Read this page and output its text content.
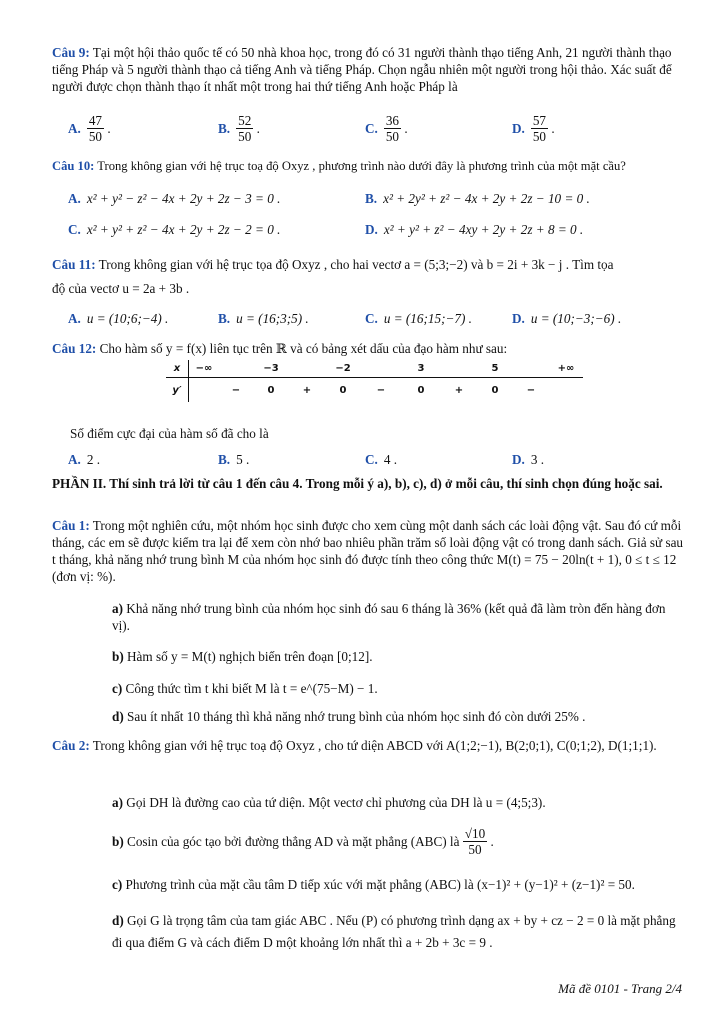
Câu 9: Tại một hội thảo quốc tế có 50 nhà khoa học, trong đó có 31 người thành thạo tiếng Anh, 21 người thành thạo tiếng Pháp và 5 người thành thạo cả tiếng Anh và tiếng Pháp. Chọn ngẫu nhiên một người trong hội thảo. Xác suất để người được chọn thành thạo ít nhất một trong hai thứ tiếng Anh hoặc Pháp là
A. $\frac{47}{50}$ .	B. $\frac{52}{50}$ .	C. $\frac{36}{50}$ .	D. $\frac{57}{50}$ .
Câu 10: Trong không gian với hệ trục toạ độ Oxyz , phương trình nào dưới đây là phương trình của một mặt cầu?
A. x² + y² − z² − 4x + 2y + 2z − 3 = 0 .	B. x² + 2y² + z² − 4x + 2y + 2z − 10 = 0 .
C. x² + y² + z² − 4x + 2y + 2z − 2 = 0 .	D. x² + y² + z² − 4xy + 2y + 2z + 8 = 0 .
Câu 11: Trong không gian với hệ trục tọa độ Oxyz , cho hai vectơ a = (5;3;−2) và b = 2i + 3k − j . Tìm tọa
độ của vectơ u = 2a + 3b .
A. u = (10;6;−4) .	B. u = (16;3;5) .	C. u = (16;15;−7) .	D. u = (10;−3;−6) .
Câu 12: Cho hàm số y = f(x) liên tục trên ℝ và có bảng xét dấu của đạo hàm như sau:
x	−∞		−3		−2		3		5		+∞
y′		−	0	+	0	−	0	+	0	−	
Số điểm cực đại của hàm số đã cho là
A. 2 .	B. 5 .	C. 4 .	D. 3 .
PHẦN II. Thí sinh trả lời từ câu 1 đến câu 4. Trong mỗi ý a), b), c), d) ở mỗi câu, thí sinh chọn đúng hoặc sai.
Câu 1: Trong một nghiên cứu, một nhóm học sinh được cho xem cùng một danh sách các loài động vật. Sau đó cứ mỗi tháng, các em sẽ được kiểm tra lại để xem còn nhớ bao nhiêu phần trăm số loài động vật có trong danh sách. Giả sử sau t tháng, khả năng nhớ trung bình M của nhóm học sinh đó được tính theo công thức M(t) = 75 − 20ln(t + 1), 0 ≤ t ≤ 12 (đơn vị: %).
a) Khả năng nhớ trung bình của nhóm học sinh đó sau 6 tháng là 36% (kết quả đã làm tròn đến hàng đơn vị).
b) Hàm số y = M(t) nghịch biến trên đoạn [0;12].
c) Công thức tìm t khi biết M là t = e^(75−M) − 1.
d) Sau ít nhất 10 tháng thì khả năng nhớ trung bình của nhóm học sinh đó còn dưới 25% .
Câu 2: Trong không gian với hệ trục toạ độ Oxyz , cho tứ diện ABCD với A(1;2;−1), B(2;0;1), C(0;1;2), D(1;1;1).
a) Gọi DH là đường cao của tứ diện. Một vectơ chỉ phương của DH là u = (4;5;3).
b)
Cosin của góc tạo bởi đường thẳng AD và mặt phẳng (ABC) là
$\frac{√10}{50}$ .
c) Phương trình của mặt cầu tâm D tiếp xúc với mặt phẳng (ABC) là (x−1)² + (y−1)² + (z−1)² = 50.
d) Gọi G là trọng tâm của tam giác ABC . Nếu (P) có phương trình dạng ax + by + cz − 2 = 0 là mặt phẳng đi qua điểm G và cách điểm D một khoảng lớn nhất thì a + 2b + 3c = 9 .
Mã đề 0101 - Trang 2/4
